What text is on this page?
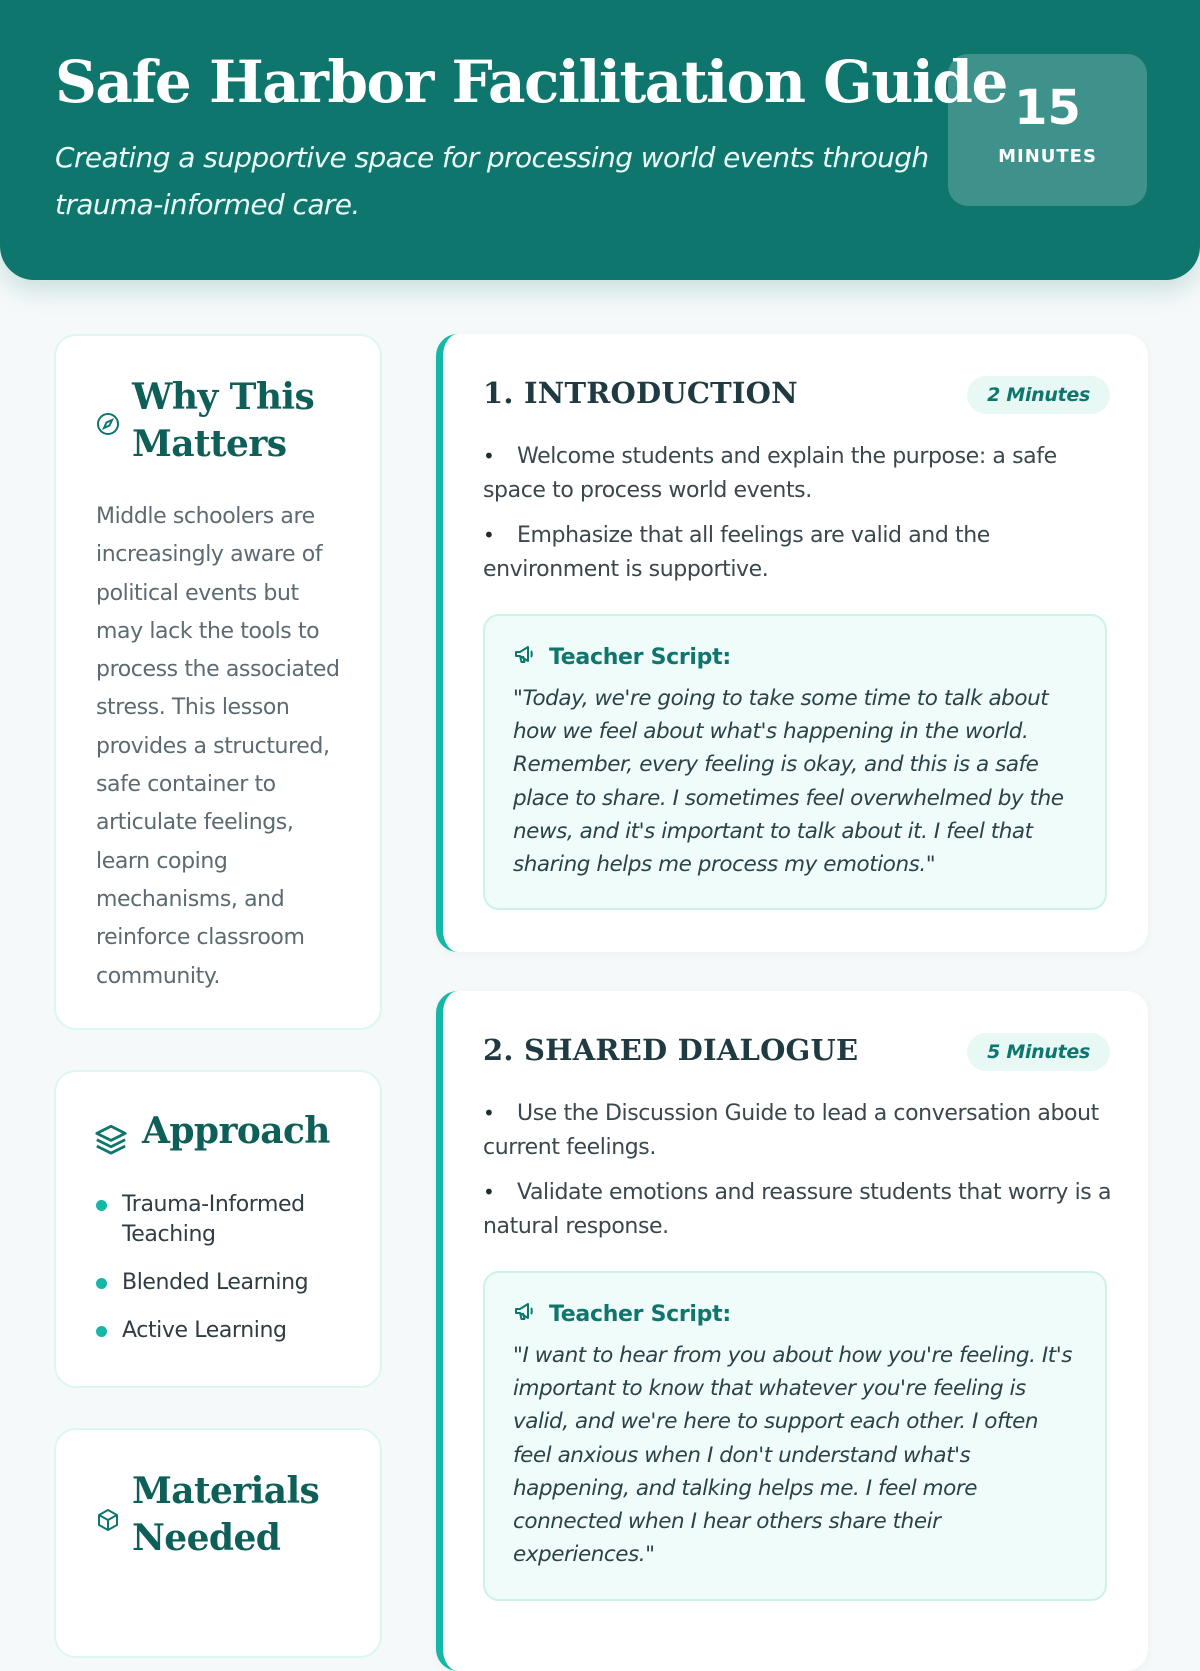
Safe Harbor Facilitation Guide

Creating a supportive space for processing world events through trauma-informed care.

15
MINUTES
Why This Matters

Middle schoolers are increasingly aware of political events but may lack the tools to process the associated stress. This lesson provides a structured, safe container to articulate feelings, learn coping mechanisms, and reinforce classroom community.

Approach
Trauma-Informed Teaching
Blended Learning
Active Learning
Materials Needed
1. INTRODUCTION	2 Minutes
• Welcome students and explain the purpose: a safe space to process world events.
• Emphasize that all feelings are valid and the environment is supportive.
Teacher Script:

"Today, we're going to take some time to talk about how we feel about what's happening in the world. Remember, every feeling is okay, and this is a safe place to share. I sometimes feel overwhelmed by the news, and it's important to talk about it. I feel that sharing helps me process my emotions."

2. SHARED DIALOGUE	5 Minutes
• Use the Discussion Guide to lead a conversation about current feelings.
• Validate emotions and reassure students that worry is a natural response.
Teacher Script:

"I want to hear from you about how you're feeling. It's important to know that whatever you're feeling is valid, and we're here to support each other. I often feel anxious when I don't understand what's happening, and talking helps me. I feel more connected when I hear others share their experiences."
